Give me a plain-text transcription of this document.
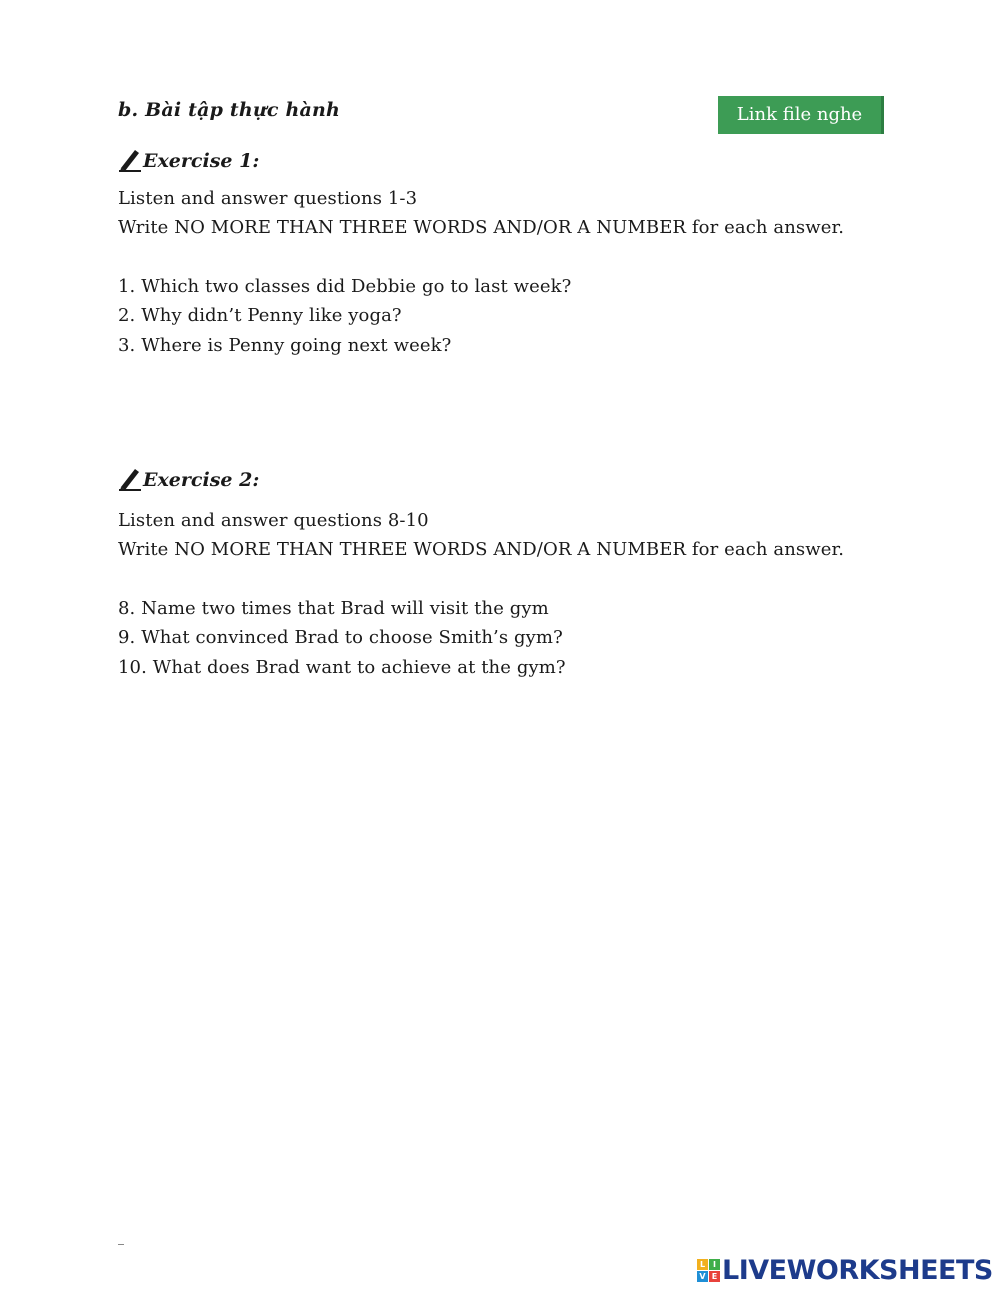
b. Bài tập thực hành	Link file nghe
Exercise 1:
Listen and answer questions 1-3
Write NO MORE THAN THREE WORDS AND/OR A NUMBER for each answer.
1. Which two classes did Debbie go to last week?
2. Why didn’t Penny like yoga?
3. Where is Penny going next week?
Exercise 2:
Listen and answer questions 8-10
Write NO MORE THAN THREE WORDS AND/OR A NUMBER for each answer.
8. Name two times that Brad will visit the gym
9. What convinced Brad to choose Smith’s gym?
10. What does Brad want to achieve at the gym?
L I
V E LIVEWORKSHEETS
